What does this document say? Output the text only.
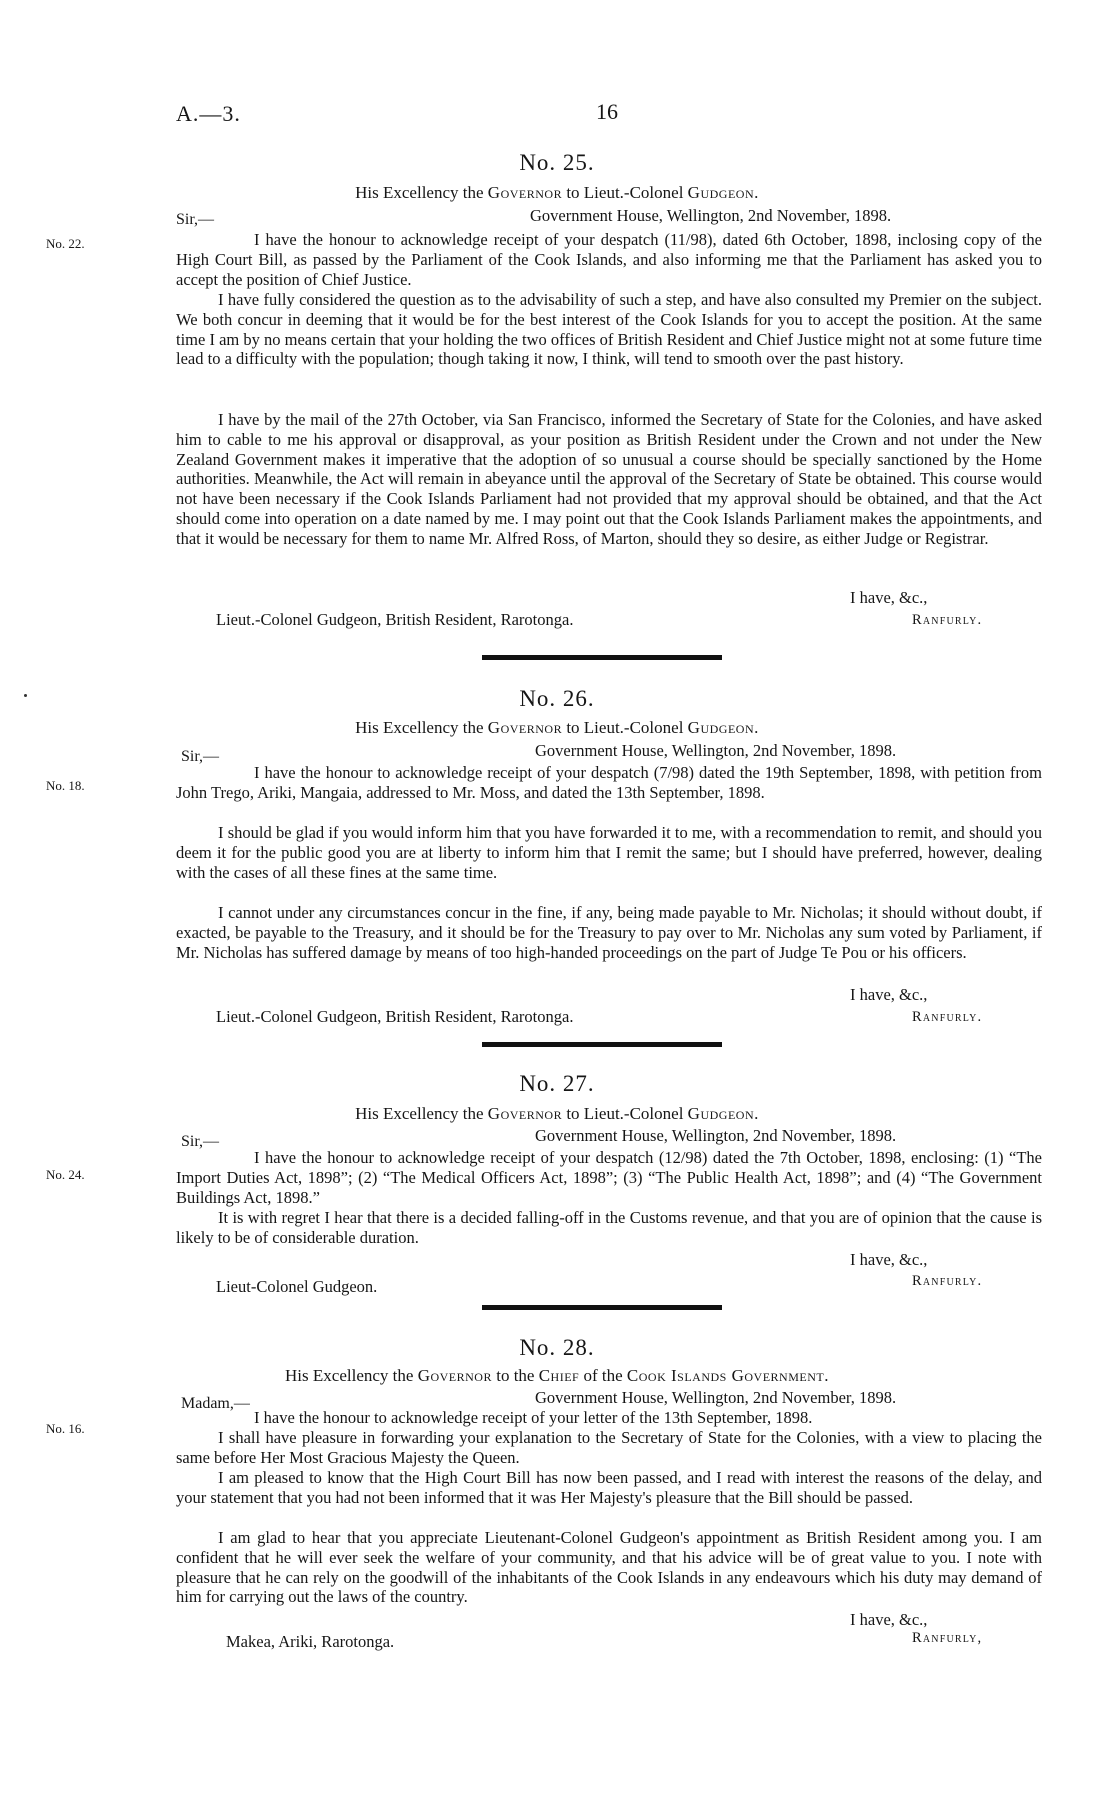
A.—3.	16
No. 25.
His Excellency the Governor to Lieut.-Colonel Gudgeon.
No. 22.
Sir,—	Government House, Wellington, 2nd November, 1898.

I have the honour to acknowledge receipt of your despatch (11/98), dated 6th October, 1898, inclosing copy of the High Court Bill, as passed by the Parliament of the Cook Islands, and also informing me that the Parliament has asked you to accept the position of Chief Justice.

I have fully considered the question as to the advisability of such a step, and have also consulted my Premier on the subject. We both concur in deeming that it would be for the best interest of the Cook Islands for you to accept the position. At the same time I am by no means certain that your holding the two offices of British Resident and Chief Justice might not at some future time lead to a difficulty with the population; though taking it now, I think, will tend to smooth over the past history.

I have by the mail of the 27th October, via San Francisco, informed the Secretary of State for the Colonies, and have asked him to cable to me his approval or disapproval, as your position as British Resident under the Crown and not under the New Zealand Government makes it imperative that the adoption of so unusual a course should be specially sanctioned by the Home authorities. Meanwhile, the Act will remain in abeyance until the approval of the Secretary of State be obtained. This course would not have been necessary if the Cook Islands Parliament had not provided that my approval should be obtained, and that the Act should come into operation on a date named by me. I may point out that the Cook Islands Parliament makes the appointments, and that it would be necessary for them to name Mr. Alfred Ross, of Marton, should they so desire, as either Judge or Registrar.

I have, &c.,
Lieut.-Colonel Gudgeon, British Resident, Rarotonga.	Ranfurly.
No. 26.
His Excellency the Governor to Lieut.-Colonel Gudgeon.
No. 18.
Sir,—	Government House, Wellington, 2nd November, 1898.

I have the honour to acknowledge receipt of your despatch (7/98) dated the 19th September, 1898, with petition from John Trego, Ariki, Mangaia, addressed to Mr. Moss, and dated the 13th September, 1898.

I should be glad if you would inform him that you have forwarded it to me, with a recommendation to remit, and should you deem it for the public good you are at liberty to inform him that I remit the same; but I should have preferred, however, dealing with the cases of all these fines at the same time.

I cannot under any circumstances concur in the fine, if any, being made payable to Mr. Nicholas; it should without doubt, if exacted, be payable to the Treasury, and it should be for the Treasury to pay over to Mr. Nicholas any sum voted by Parliament, if Mr. Nicholas has suffered damage by means of too high-handed proceedings on the part of Judge Te Pou or his officers.

I have, &c.,
Lieut.-Colonel Gudgeon, British Resident, Rarotonga.	Ranfurly.
No. 27.
His Excellency the Governor to Lieut.-Colonel Gudgeon.
No. 24.
Sir,—	Government House, Wellington, 2nd November, 1898.

I have the honour to acknowledge receipt of your despatch (12/98) dated the 7th October, 1898, enclosing: (1) “The Import Duties Act, 1898”; (2) “The Medical Officers Act, 1898”; (3) “The Public Health Act, 1898”; and (4) “The Government Buildings Act, 1898.”

It is with regret I hear that there is a decided falling-off in the Customs revenue, and that you are of opinion that the cause is likely to be of considerable duration.

I have, &c.,
Lieut-Colonel Gudgeon.	Ranfurly.
No. 28.
His Excellency the Governor to the Chief of the Cook Islands Government.
No. 16.
Madam,—	Government House, Wellington, 2nd November, 1898.

I have the honour to acknowledge receipt of your letter of the 13th September, 1898.

I shall have pleasure in forwarding your explanation to the Secretary of State for the Colonies, with a view to placing the same before Her Most Gracious Majesty the Queen.

I am pleased to know that the High Court Bill has now been passed, and I read with interest the reasons of the delay, and your statement that you had not been informed that it was Her Majesty's pleasure that the Bill should be passed.

I am glad to hear that you appreciate Lieutenant-Colonel Gudgeon's appointment as British Resident among you. I am confident that he will ever seek the welfare of your community, and that his advice will be of great value to you. I note with pleasure that he can rely on the goodwill of the inhabitants of the Cook Islands in any endeavours which his duty may demand of him for carrying out the laws of the country.

I have, &c.,
Makea, Ariki, Rarotonga.	Ranfurly,
